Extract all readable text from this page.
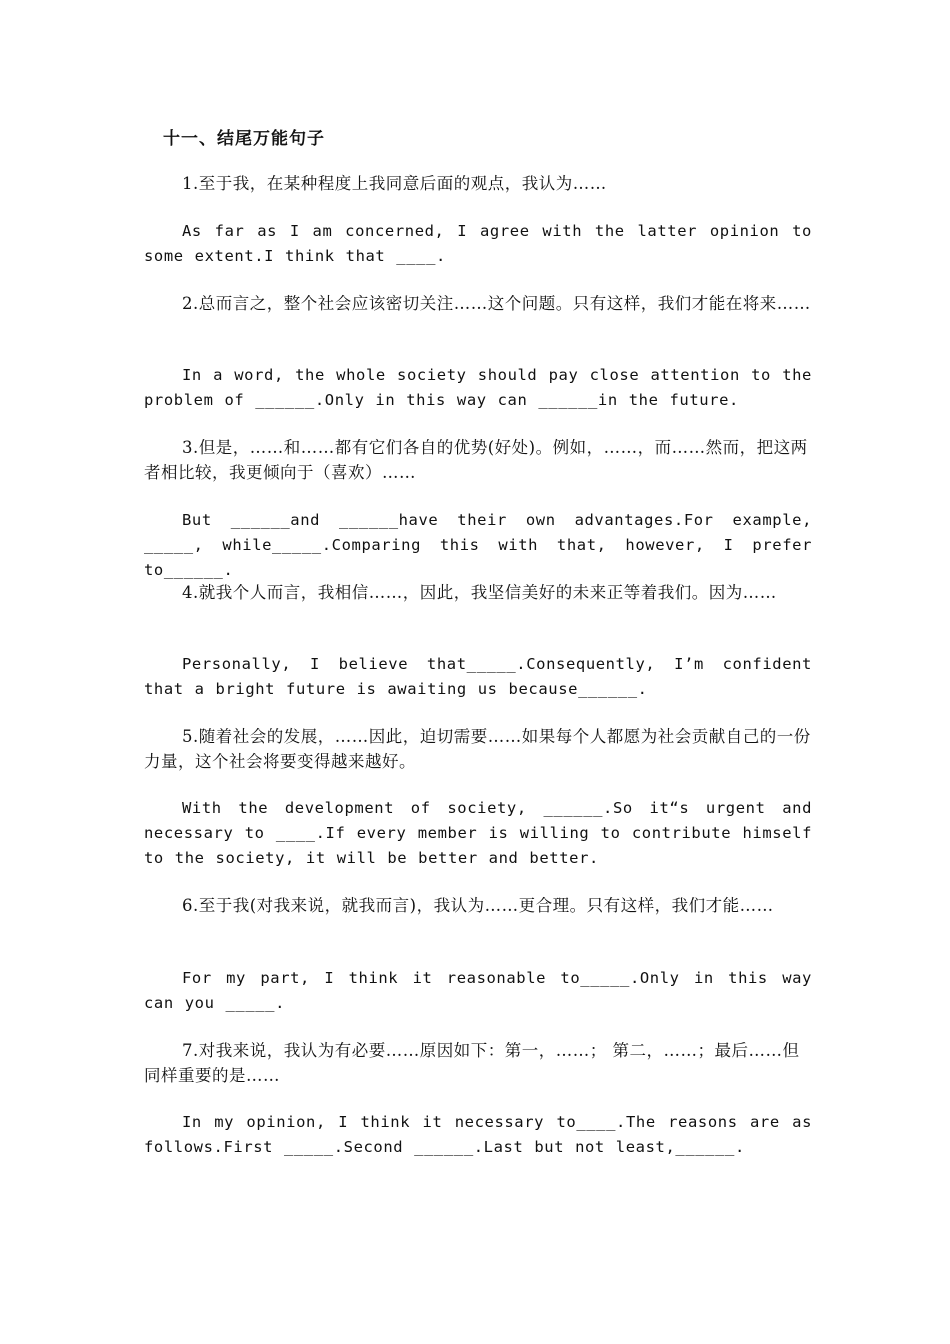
十一、结尾万能句子

1.至于我，在某种程度上我同意后面的观点，我认为……

As far as I am concerned, I agree with the latter opinion to some extent.I think that ____.

2.总而言之，整个社会应该密切关注……这个问题。只有这样，我们才能在将来……

In a word, the whole society should pay close attention to the problem of ______.Only in this way can ______in the future.

3.但是，……和……都有它们各自的优势(好处)。例如，……，而……然而，把这两者相比较，我更倾向于（喜欢）……

But ______and ______have their own advantages.For example, _____, while_____.Comparing this with that, however, I prefer to______.

4.就我个人而言，我相信……，因此，我坚信美好的未来正等着我们。因为……

Personally, I believe that_____.Consequently, I’m confident that a bright future is awaiting us because______.

5.随着社会的发展，……因此，迫切需要……如果每个人都愿为社会贡献自己的一份力量，这个社会将要变得越来越好。

With the development of society, ______.So it“s urgent and necessary to ____.If every member is willing to contribute himself to the society, it will be better and better.

6.至于我(对我来说，就我而言)，我认为……更合理。只有这样，我们才能……

For my part, I think it reasonable to_____.Only in this way can you _____.

7.对我来说，我认为有必要……原因如下：第一，……； 第二，……；最后……但同样重要的是……

In my opinion, I think it necessary to____.The reasons are as follows.First _____.Second ______.Last but not least,______.
